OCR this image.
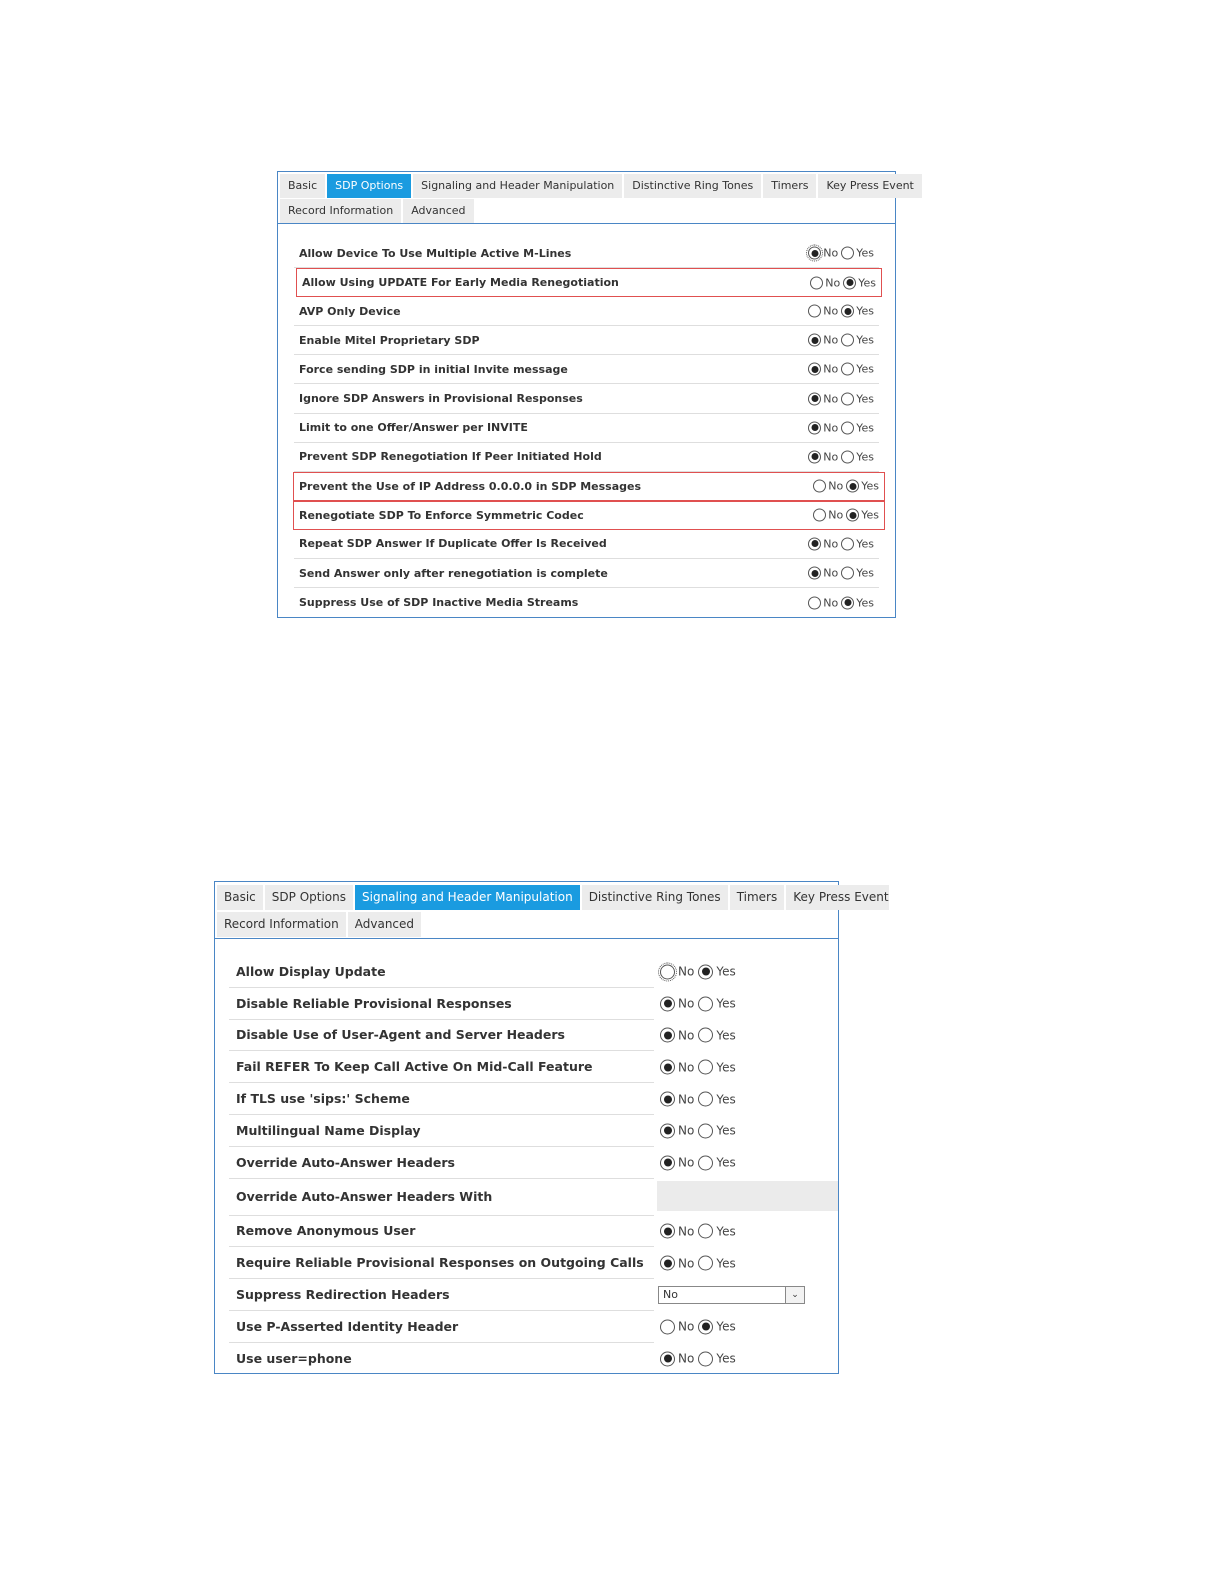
Basic	SDP Options	Signaling and Header Manipulation	Distinctive Ring Tones	Timers	Key Press Event
Record Information	Advanced
Allow Device To Use Multiple Active M-Lines	No Yes
Allow Using UPDATE For Early Media Renegotiation	No Yes
AVP Only Device	No Yes
Enable Mitel Proprietary SDP	No Yes
Force sending SDP in initial Invite message	No Yes
Ignore SDP Answers in Provisional Responses	No Yes
Limit to one Offer/Answer per INVITE	No Yes
Prevent SDP Renegotiation If Peer Initiated Hold	No Yes
Prevent the Use of IP Address 0.0.0.0 in SDP Messages	No Yes
Renegotiate SDP To Enforce Symmetric Codec	No Yes
Repeat SDP Answer If Duplicate Offer Is Received	No Yes
Send Answer only after renegotiation is complete	No Yes
Suppress Use of SDP Inactive Media Streams	No Yes
Basic	SDP Options	Signaling and Header Manipulation	Distinctive Ring Tones	Timers	Key Press Event
Record Information	Advanced
Allow Display Update	No Yes
Disable Reliable Provisional Responses	No Yes
Disable Use of User-Agent and Server Headers	No Yes
Fail REFER To Keep Call Active On Mid-Call Feature	No Yes
If TLS use 'sips:' Scheme	No Yes
Multilingual Name Display	No Yes
Override Auto-Answer Headers	No Yes
Override Auto-Answer Headers With
Remove Anonymous User	No Yes
Require Reliable Provisional Responses on Outgoing Calls	No Yes
Suppress Redirection Headers	No	⌄
Use P-Asserted Identity Header	No Yes
Use user=phone	No Yes
